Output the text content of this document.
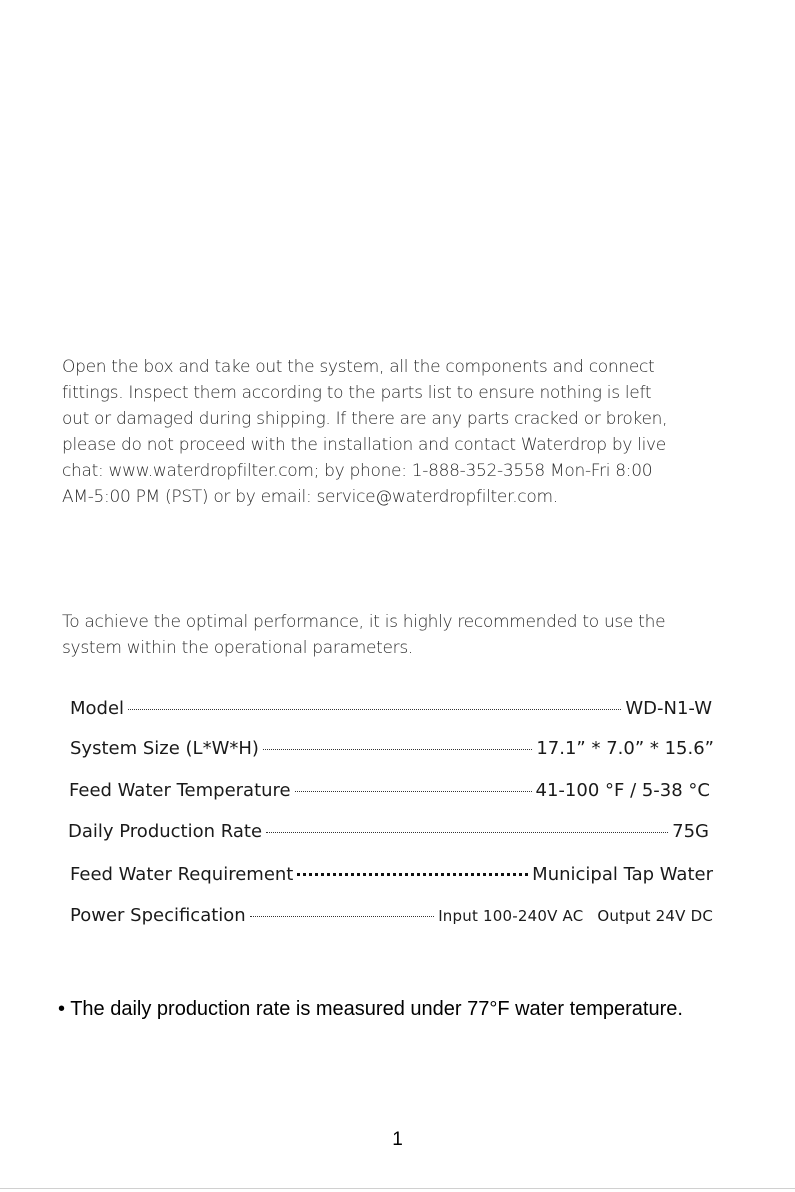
Open the box and take out the system, all the components and connect
fittings. Inspect them according to the parts list to ensure nothing is left
out or damaged during shipping. If there are any parts cracked or broken,
please do not proceed with the installation and contact Waterdrop by live
chat: www.waterdropfilter.com; by phone: 1-888-352-3558 Mon-Fri 8:00
AM-5:00 PM (PST) or by email: service@waterdropfilter.com.

To achieve the optimal performance, it is highly recommended to use the
system within the operational parameters.

Model	WD-N1-W
System Size (L*W*H)	17.1” * 7.0” * 15.6”
Feed Water Temperature	41-100 °F / 5-38 °C
Daily Production Rate	75G
Feed Water Requirement	Municipal Tap Water
Power Specification	Input 100-240V AC Output 24V DC

• The daily production rate is measured under 77°F water temperature.

1
